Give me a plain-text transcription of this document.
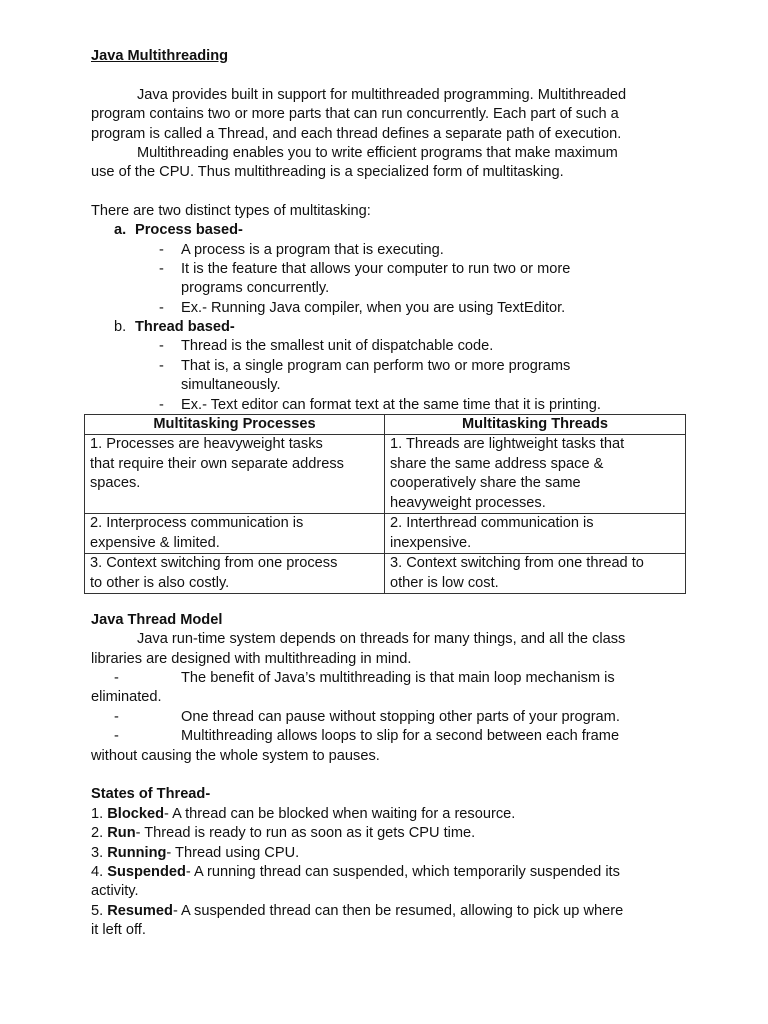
Java Multithreading
Java provides built in support for multithreaded programming. Multithreaded
program contains two or more parts that can run concurrently. Each part of such a
program is called a Thread, and each thread defines a separate path of execution.
Multithreading enables you to write efficient programs that make maximum
use of the CPU. Thus multithreading is a specialized form of multitasking.
There are two distinct types of multitasking:
a. Process based-
- A process is a program that is executing.
- It is the feature that allows your computer to run two or more
programs concurrently.
- Ex.- Running Java compiler, when you are using TextEditor.
b. Thread based-
- Thread is the smallest unit of dispatchable code.
- That is, a single program can perform two or more programs
simultaneously.
- Ex.- Text editor can format text at the same time that it is printing.
Multitasking Processes	Multitasking Threads
1. Processes are heavyweight tasks
that require their own separate address
spaces.	1. Threads are lightweight tasks that
share the same address space &
cooperatively share the same
heavyweight processes.
2. Interprocess communication is
expensive & limited.	2. Interthread communication is
inexpensive.
3. Context switching from one process
to other is also costly.	3. Context switching from one thread to
other is low cost.
Java Thread Model
Java run-time system depends on threads for many things, and all the class
libraries are designed with multithreading in mind.
-	The benefit of Java’s multithreading is that main loop mechanism is
eliminated.
-	One thread can pause without stopping other parts of your program.
-	Multithreading allows loops to slip for a second between each frame
without causing the whole system to pauses.
States of Thread-
1. Blocked- A thread can be blocked when waiting for a resource.
2. Run- Thread is ready to run as soon as it gets CPU time.
3. Running- Thread using CPU.
4. Suspended- A running thread can suspended, which temporarily suspended its
activity.
5. Resumed- A suspended thread can then be resumed, allowing to pick up where
it left off.
